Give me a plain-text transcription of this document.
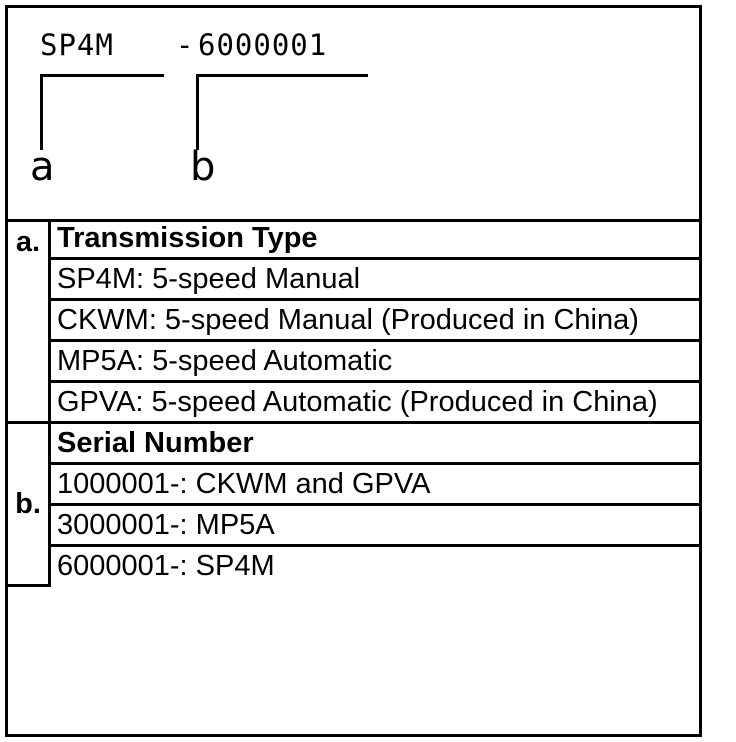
SP4M - 6000001
a	b
a.	Transmission Type
	SP4M: 5-speed Manual
	CKWM: 5-speed Manual (Produced in China)
	MP5A: 5-speed Automatic
	GPVA: 5-speed Automatic (Produced in China)
b.	Serial Number
	1000001-: CKWM and GPVA
	3000001-: MP5A
	6000001-: SP4M
